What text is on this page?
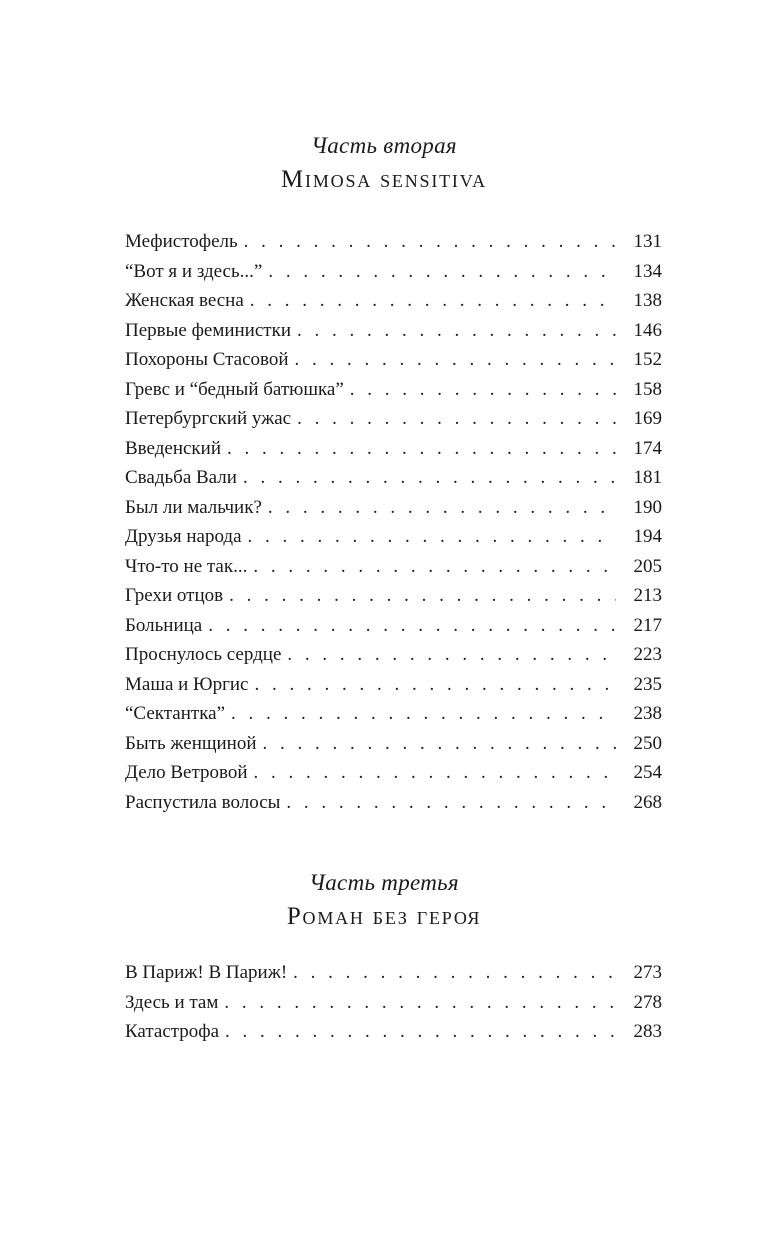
Часть вторая
Mimosa sensitiva
Мефистофель . . .	131
“Вот я и здесь...” . . .	134
Женская весна . . .	138
Первые феминистки . . .	146
Похороны Стасовой . . .	152
Гревс и “бедный батюшка” . . .	158
Петербургский ужас . . .	169
Введенский . . .	174
Свадьба Вали . . .	181
Был ли мальчик? . . .	190
Друзья народа . . .	194
Что-то не так... . . .	205
Грехи отцов . . .	213
Больница . . .	217
Проснулось сердце . . .	223
Маша и Юргис . . .	235
“Сектантка” . . .	238
Быть женщиной . . .	250
Дело Ветровой . . .	254
Распустила волосы . . .	268
Часть третья
Роман без героя
В Париж! В Париж! . . .	273
Здесь и там . . .	278
Катастрофа . . .	283
